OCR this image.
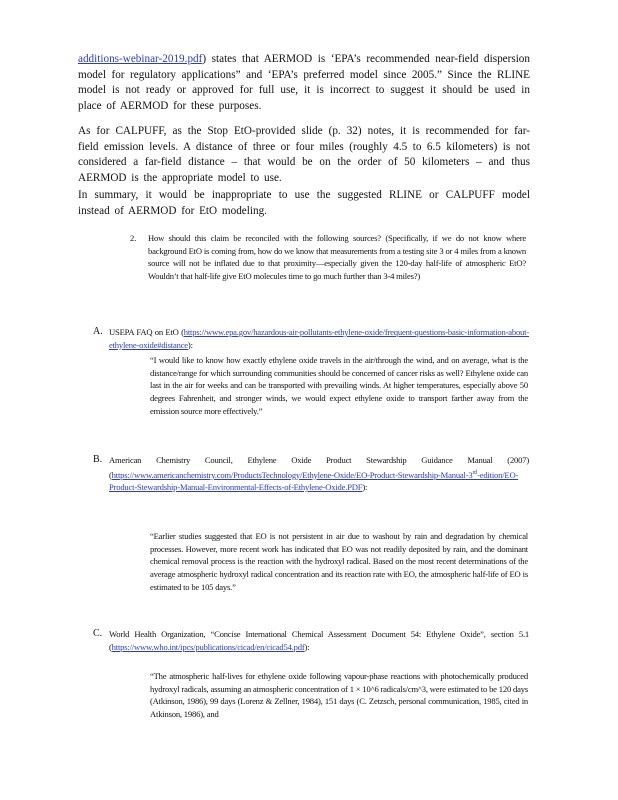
additions-webinar-2019.pdf) states that AERMOD is ‘EPA’s recommended near-field dispersion model for regulatory applications” and ‘EPA’s preferred model since 2005.” Since the RLINE model is not ready or approved for full use, it is incorrect to suggest it should be used in place of AERMOD for these purposes.

As for CALPUFF, as the Stop EtO-provided slide (p. 32) notes, it is recommended for far-field emission levels. A distance of three or four miles (roughly 4.5 to 6.5 kilometers) is not considered a far-field distance – that would be on the order of 50 kilometers – and thus AERMOD is the appropriate model to use.

In summary, it would be inappropriate to use the suggested RLINE or CALPUFF model instead of AERMOD for EtO modeling.

2. How should this claim be reconciled with the following sources? (Specifically, if we do not know where background EtO is coming from, how do we know that measurements from a testing site 3 or 4 miles from a known source will not be inflated due to that proximity—especially given the 120-day half-life of atmospheric EtO? Wouldn’t that half-life give EtO molecules time to go much further than 3-4 miles?)

A. USEPA FAQ on EtO (https://www.epa.gov/hazardous-air-pollutants-ethylene-oxide/frequent-questions-basic-information-about-ethylene-oxide#distance):

“I would like to know how exactly ethylene oxide travels in the air/through the wind, and on average, what is the distance/range for which surrounding communities should be concerned of cancer risks as well? Ethylene oxide can last in the air for weeks and can be transported with prevailing winds. At higher temperatures, especially above 50 degrees Fahrenheit, and stronger winds, we would expect ethylene oxide to transport farther away from the emission source more effectively.”

B. American Chemistry Council, Ethylene Oxide Product Stewardship Guidance Manual (2007) (https://www.americanchemistry.com/ProductsTechnology/Ethylene-Oxide/EO-Product-Stewardship-Manual-3rd-edition/EO-Product-Stewardship-Manual-Environmental-Effects-of-Ethylene-Oxide.PDF):

“Earlier studies suggested that EO is not persistent in air due to washout by rain and degradation by chemical processes. However, more recent work has indicated that EO was not readily deposited by rain, and the dominant chemical removal process is the reaction with the hydroxyl radical. Based on the most recent determinations of the average atmospheric hydroxyl radical concentration and its reaction rate with EO, the atmospheric half-life of EO is estimated to be 105 days.”

C. World Health Organization, “Concise International Chemical Assessment Document 54: Ethylene Oxide”, section 5.1 (https://www.who.int/ipcs/publications/cicad/en/cicad54.pdf):

“The atmospheric half-lives for ethylene oxide following vapour-phase reactions with photochemically produced hydroxyl radicals, assuming an atmospheric concentration of 1 × 10^6 radicals/cm^3, were estimated to be 120 days (Atkinson, 1986), 99 days (Lorenz & Zellner, 1984), 151 days (C. Zetzsch, personal communication, 1985, cited in Atkinson, 1986), and
